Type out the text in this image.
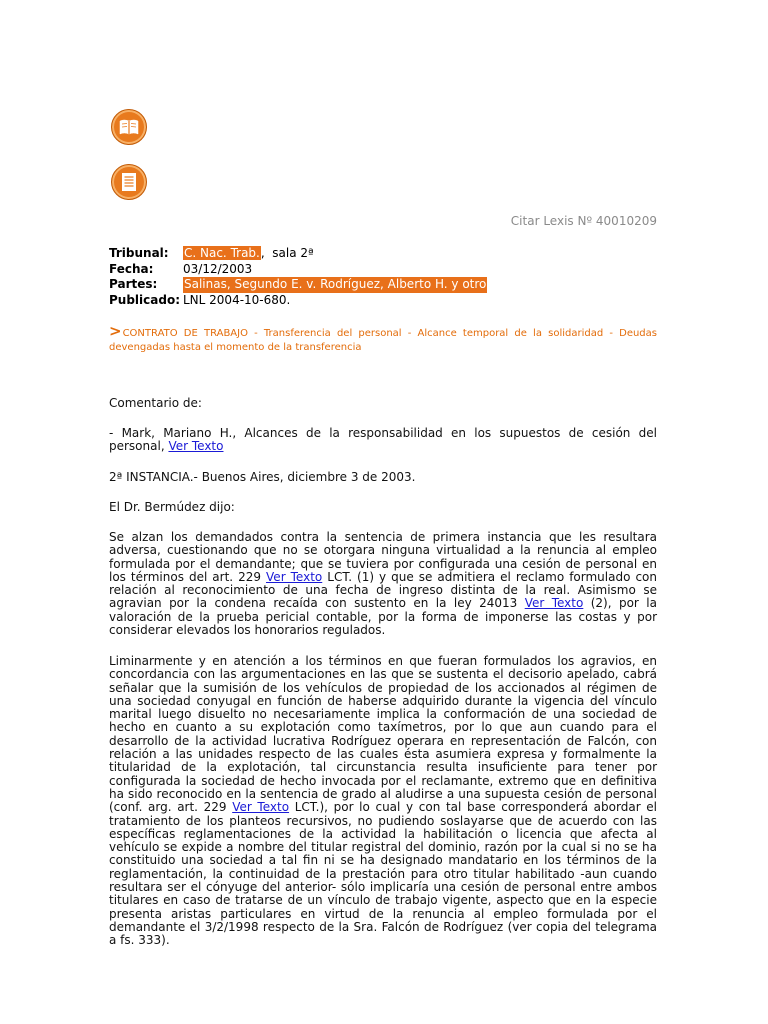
Citar Lexis Nº 40010209
Tribunal:	C. Nac. Trab.,  sala 2ª
Fecha:	03/12/2003
Partes:	Salinas, Segundo E. v. Rodríguez, Alberto H. y otro
Publicado: LNL 2004-10-680.
>CONTRATO DE TRABAJO - Transferencia del personal - Alcance temporal de la solidaridad - Deudas devengadas hasta el momento de la transferencia

Comentario de:

- Mark, Mariano H., Alcances de la responsabilidad en los supuestos de cesión del personal, Ver Texto

2ª INSTANCIA.- Buenos Aires, diciembre 3 de 2003.

El Dr. Bermúdez dijo:

Se alzan los demandados contra la sentencia de primera instancia que les resultara adversa, cuestionando que no se otorgara ninguna virtualidad a la renuncia al empleo formulada por el demandante; que se tuviera por configurada una cesión de personal en los términos del art. 229 Ver Texto LCT. (1) y que se admitiera el reclamo formulado con relación al reconocimiento de una fecha de ingreso distinta de la real. Asimismo se agravian por la condena recaída con sustento en la ley 24013 Ver Texto (2), por la valoración de la prueba pericial contable, por la forma de imponerse las costas y por considerar elevados los honorarios regulados.

Liminarmente y en atención a los términos en que fueran formulados los agravios, en concordancia con las argumentaciones en las que se sustenta el decisorio apelado, cabrá señalar que la sumisión de los vehículos de propiedad de los accionados al régimen de una sociedad conyugal en función de haberse adquirido durante la vigencia del vínculo marital luego disuelto no necesariamente implica la conformación de una sociedad de hecho en cuanto a su explotación como taxímetros, por lo que aun cuando para el desarrollo de la actividad lucrativa Rodríguez operara en representación de Falcón, con relación a las unidades respecto de las cuales ésta asumiera expresa y formalmente la titularidad de la explotación, tal circunstancia resulta insuficiente para tener por configurada la sociedad de hecho invocada por el reclamante, extremo que en definitiva ha sido reconocido en la sentencia de grado al aludirse a una supuesta cesión de personal (conf. arg. art. 229 Ver Texto LCT.), por lo cual y con tal base corresponderá abordar el tratamiento de los planteos recursivos, no pudiendo soslayarse que de acuerdo con las específicas reglamentaciones de la actividad la habilitación o licencia que afecta al vehículo se expide a nombre del titular registral del dominio, razón por la cual si no se ha constituido una sociedad a tal fin ni se ha designado mandatario en los términos de la reglamentación, la continuidad de la prestación para otro titular habilitado -aun cuando resultara ser el cónyuge del anterior- sólo implicaría una cesión de personal entre ambos titulares en caso de tratarse de un vínculo de trabajo vigente, aspecto que en la especie presenta aristas particulares en virtud de la renuncia al empleo formulada por el demandante el 3/2/1998 respecto de la Sra. Falcón de Rodríguez (ver copia del telegrama a fs. 333).
